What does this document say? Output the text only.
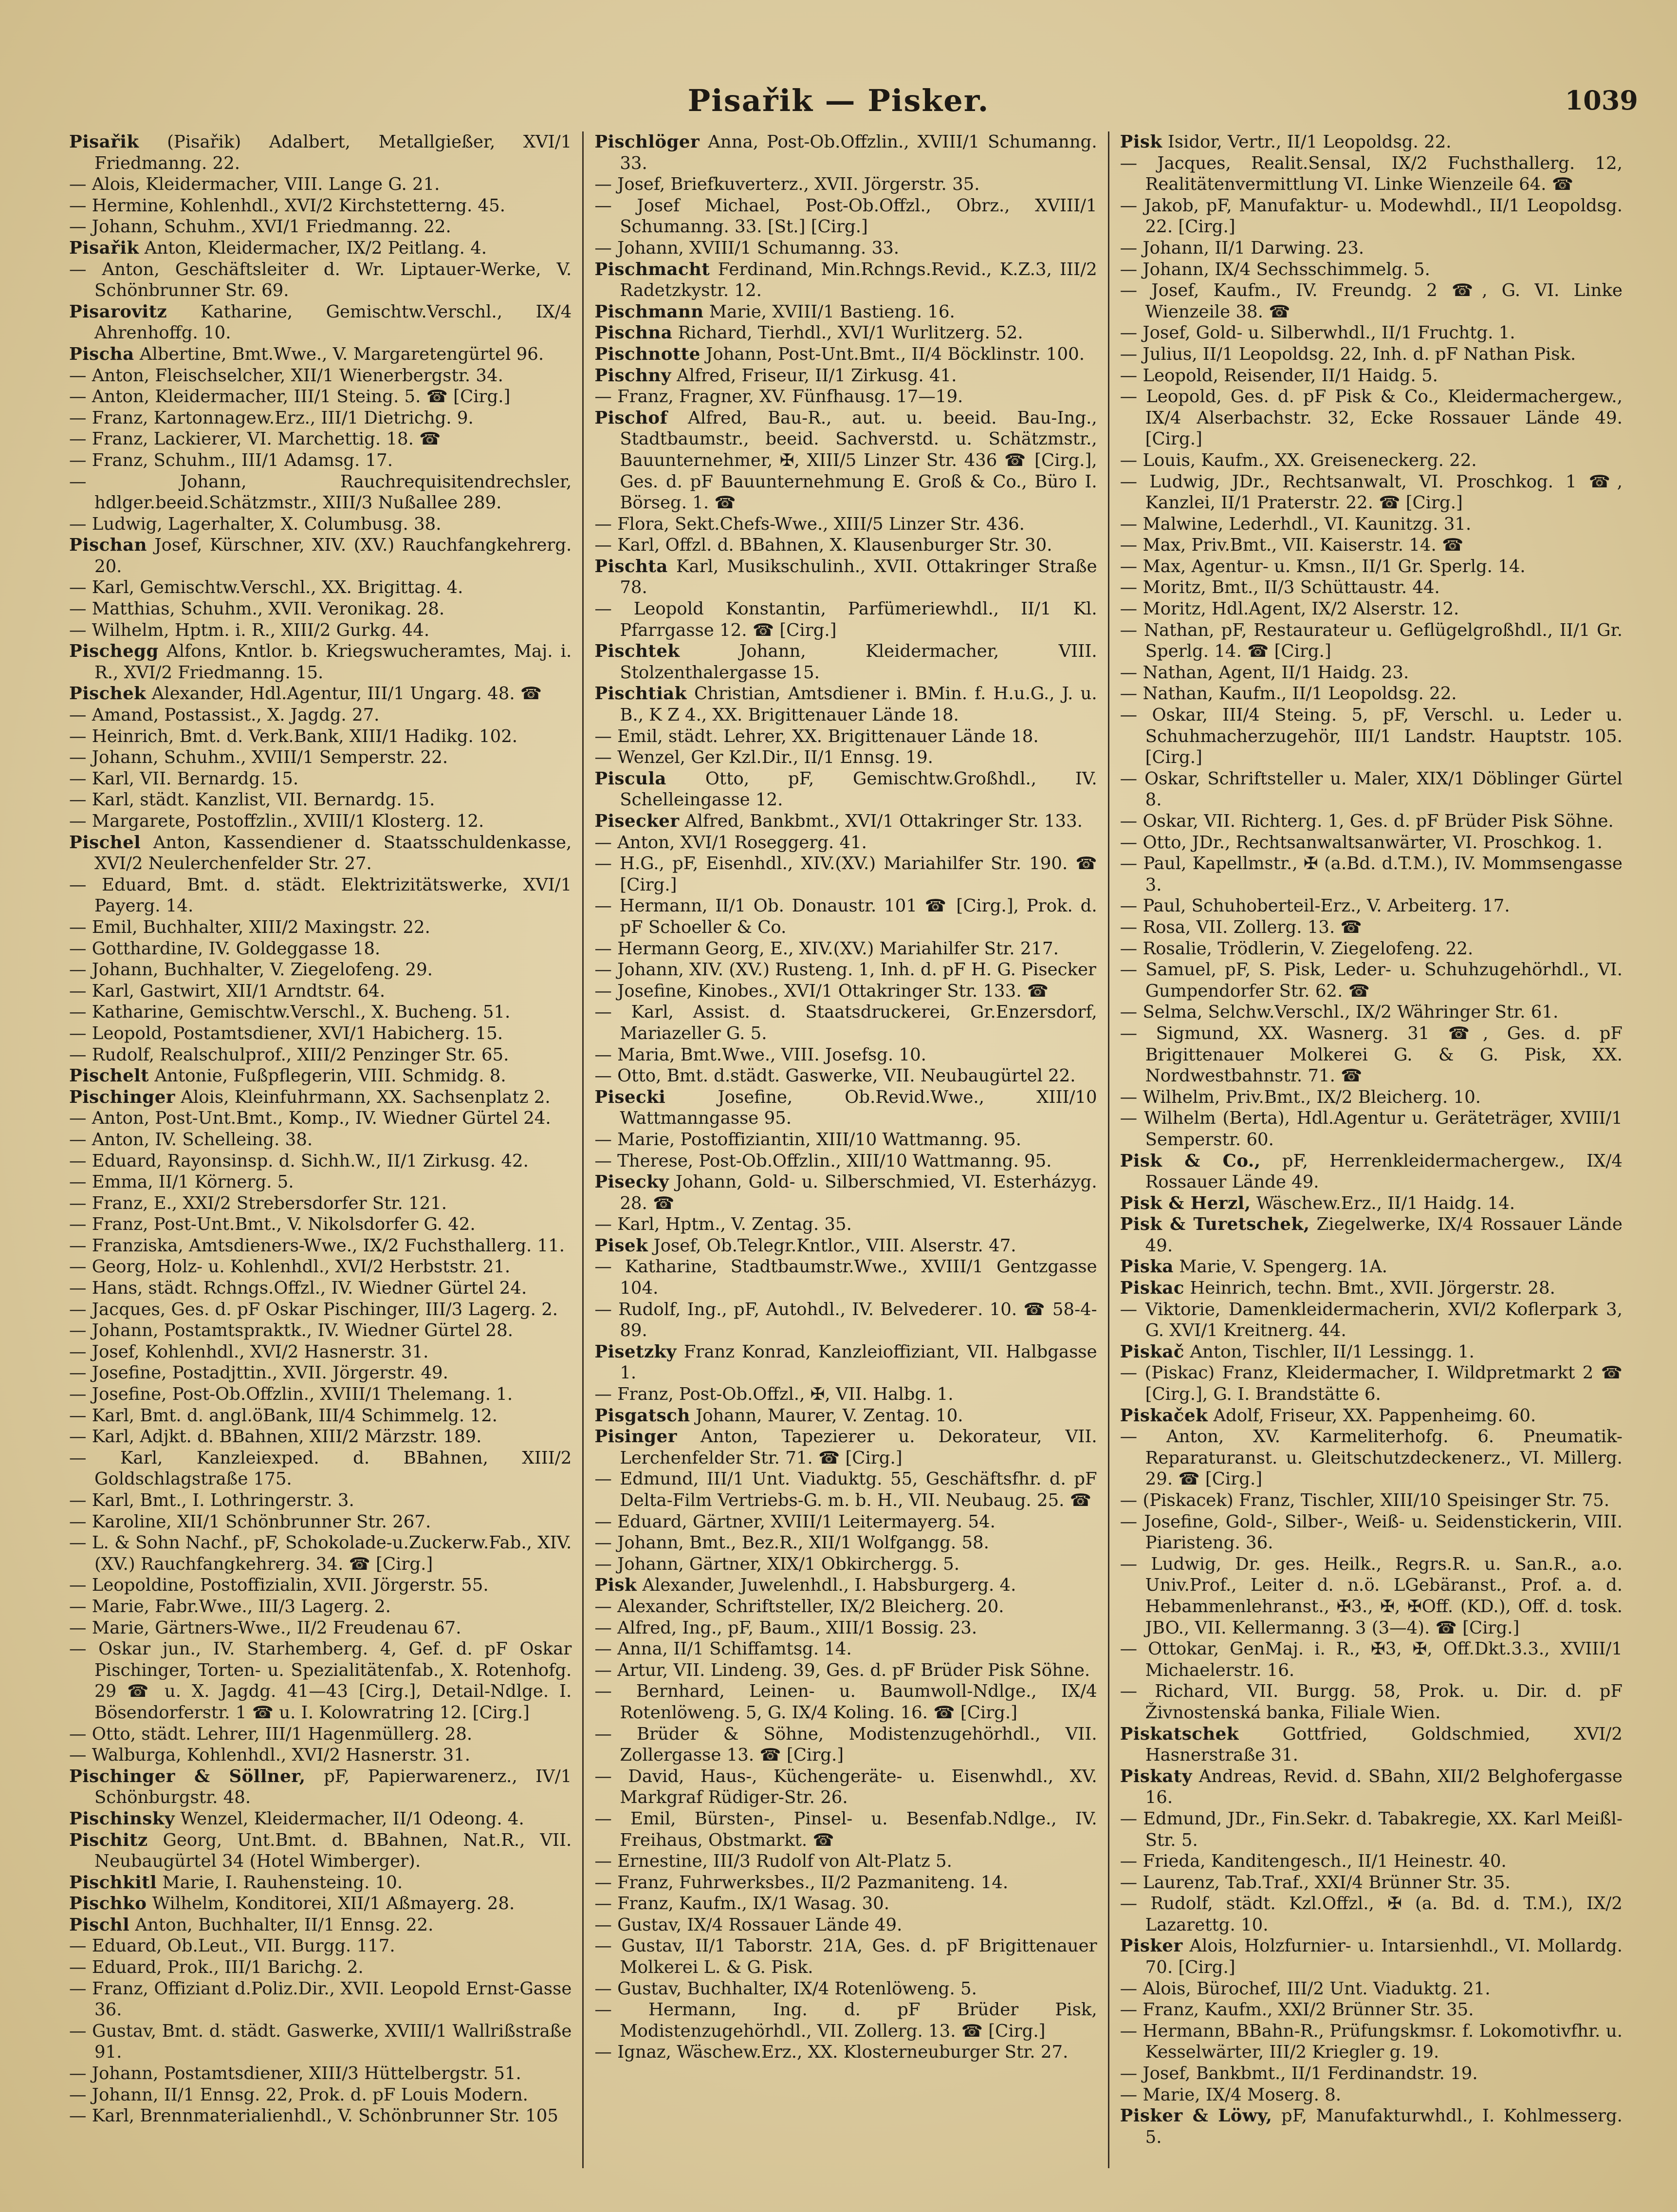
Pisařik — Pisker.	1039

Pisařik (Pisařik) Adalbert, Metallgießer, XVI/1 Friedmanng. 22.

— Alois, Kleidermacher, VIII. Lange G. 21.

— Hermine, Kohlenhdl., XVI/2 Kirchstetterng. 45.

— Johann, Schuhm., XVI/1 Friedmanng. 22.

Pisařik Anton, Kleidermacher, IX/2 Peitlang. 4.

— Anton, Geschäftsleiter d. Wr. Liptauer-Werke, V. Schönbrunner Str. 69.

Pisarovitz Katharine, Gemischtw.Verschl., IX/4 Ahrenhoffg. 10.

Pischa Albertine, Bmt.Wwe., V. Margaretengürtel 96.

— Anton, Fleischselcher, XII/1 Wienerbergstr. 34.

— Anton, Kleidermacher, III/1 Steing. 5. ☎ [Cirg.]

— Franz, Kartonnagew.Erz., III/1 Dietrichg. 9.

— Franz, Lackierer, VI. Marchettig. 18. ☎

— Franz, Schuhm., III/1 Adamsg. 17.

— Johann, Rauchrequisitendrechsler, hdlger.beeid.Schätzmstr., XIII/3 Nußallee 289.

— Ludwig, Lagerhalter, X. Columbusg. 38.

Pischan Josef, Kürschner, XIV. (XV.) Rauchfangkehrerg. 20.

— Karl, Gemischtw.Verschl., XX. Brigittag. 4.

— Matthias, Schuhm., XVII. Veronikag. 28.

— Wilhelm, Hptm. i. R., XIII/2 Gurkg. 44.

Pischegg Alfons, Kntlor. b. Kriegswucheramtes, Maj. i. R., XVI/2 Friedmanng. 15.

Pischek Alexander, Hdl.Agentur, III/1 Ungarg. 48. ☎

— Amand, Postassist., X. Jagdg. 27.

— Heinrich, Bmt. d. Verk.Bank, XIII/1 Hadikg. 102.

— Johann, Schuhm., XVIII/1 Semperstr. 22.

— Karl, VII. Bernardg. 15.

— Karl, städt. Kanzlist, VII. Bernardg. 15.

— Margarete, Postoffzlin., XVIII/1 Klosterg. 12.

Pischel Anton, Kassendiener d. Staatsschuldenkasse, XVI/2 Neulerchenfelder Str. 27.

— Eduard, Bmt. d. städt. Elektrizitätswerke, XVI/1 Payerg. 14.

— Emil, Buchhalter, XIII/2 Maxingstr. 22.

— Gotthardine, IV. Goldeggasse 18.

— Johann, Buchhalter, V. Ziegelofeng. 29.

— Karl, Gastwirt, XII/1 Arndtstr. 64.

— Katharine, Gemischtw.Verschl., X. Bucheng. 51.

— Leopold, Postamtsdiener, XVI/1 Habicherg. 15.

— Rudolf, Realschulprof., XIII/2 Penzinger Str. 65.

Pischelt Antonie, Fußpflegerin, VIII. Schmidg. 8.

Pischinger Alois, Kleinfuhrmann, XX. Sachsenplatz 2.

— Anton, Post-Unt.Bmt., Komp., IV. Wiedner Gürtel 24.

— Anton, IV. Schelleing. 38.

— Eduard, Rayonsinsp. d. Sichh.W., II/1 Zirkusg. 42.

— Emma, II/1 Körnerg. 5.

— Franz, E., XXI/2 Strebersdorfer Str. 121.

— Franz, Post-Unt.Bmt., V. Nikolsdorfer G. 42.

— Franziska, Amtsdieners-Wwe., IX/2 Fuchsthallerg. 11.

— Georg, Holz- u. Kohlenhdl., XVI/2 Herbststr. 21.

— Hans, städt. Rchngs.Offzl., IV. Wiedner Gürtel 24.

— Jacques, Ges. d. pF Oskar Pischinger, III/3 Lagerg. 2.

— Johann, Postamtspraktk., IV. Wiedner Gürtel 28.

— Josef, Kohlenhdl., XVI/2 Hasnerstr. 31.

— Josefine, Postadjttin., XVII. Jörgerstr. 49.

— Josefine, Post-Ob.Offzlin., XVIII/1 Thelemang. 1.

— Karl, Bmt. d. angl.öBank, III/4 Schimmelg. 12.

— Karl, Adjkt. d. BBahnen, XIII/2 Märzstr. 189.

— Karl, Kanzleiexped. d. BBahnen, XIII/2 Goldschlagstraße 175.

— Karl, Bmt., I. Lothringerstr. 3.

— Karoline, XII/1 Schönbrunner Str. 267.

— L. & Sohn Nachf., pF, Schokolade-u.Zuckerw.Fab., XIV. (XV.) Rauchfangkehrerg. 34. ☎ [Cirg.]

— Leopoldine, Postoffizialin, XVII. Jörgerstr. 55.

— Marie, Fabr.Wwe., III/3 Lagerg. 2.

— Marie, Gärtners-Wwe., II/2 Freudenau 67.

— Oskar jun., IV. Starhemberg. 4, Gef. d. pF Oskar Pischinger, Torten- u. Spezialitätenfab., X. Rotenhofg. 29 ☎ u. X. Jagdg. 41—43 [Cirg.], Detail-Ndlge. I. Bösendorferstr. 1 ☎ u. I. Kolowratring 12. [Cirg.]

— Otto, städt. Lehrer, III/1 Hagenmüllerg. 28.

— Walburga, Kohlenhdl., XVI/2 Hasnerstr. 31.

Pischinger & Söllner, pF, Papierwarenerz., IV/1 Schönburgstr. 48.

Pischinsky Wenzel, Kleidermacher, II/1 Odeong. 4.

Pischitz Georg, Unt.Bmt. d. BBahnen, Nat.R., VII. Neubaugürtel 34 (Hotel Wimberger).

Pischkitl Marie, I. Rauhensteing. 10.

Pischko Wilhelm, Konditorei, XII/1 Aßmayerg. 28.

Pischl Anton, Buchhalter, II/1 Ennsg. 22.

— Eduard, Ob.Leut., VII. Burgg. 117.

— Eduard, Prok., III/1 Barichg. 2.

— Franz, Offiziant d.Poliz.Dir., XVII. Leopold Ernst-Gasse 36.

— Gustav, Bmt. d. städt. Gaswerke, XVIII/1 Wallrißstraße 91.

— Johann, Postamtsdiener, XIII/3 Hüttelbergstr. 51.

— Johann, II/1 Ennsg. 22, Prok. d. pF Louis Modern.

— Karl, Brennmaterialienhdl., V. Schönbrunner Str. 105

Pischlöger Anna, Post-Ob.Offzlin., XVIII/1 Schumanng. 33.

— Josef, Briefkuverterz., XVII. Jörgerstr. 35.

— Josef Michael, Post-Ob.Offzl., Obrz., XVIII/1 Schumanng. 33. [St.] [Cirg.]

— Johann, XVIII/1 Schumanng. 33.

Pischmacht Ferdinand, Min.Rchngs.Revid., K.Z.3, III/2 Radetzkystr. 12.

Pischmann Marie, XVIII/1 Bastieng. 16.

Pischna Richard, Tierhdl., XVI/1 Wurlitzerg. 52.

Pischnotte Johann, Post-Unt.Bmt., II/4 Böcklinstr. 100.

Pischny Alfred, Friseur, II/1 Zirkusg. 41.

— Franz, Fragner, XV. Fünfhausg. 17—19.

Pischof Alfred, Bau-R., aut. u. beeid. Bau-Ing., Stadtbaumstr., beeid. Sachverstd. u. Schätzmstr., Bauunternehmer, ✠, XIII/5 Linzer Str. 436 ☎ [Cirg.], Ges. d. pF Bauunternehmung E. Groß & Co., Büro I. Börseg. 1. ☎

— Flora, Sekt.Chefs-Wwe., XIII/5 Linzer Str. 436.

— Karl, Offzl. d. BBahnen, X. Klausenburger Str. 30.

Pischta Karl, Musikschulinh., XVII. Ottakringer Straße 78.

— Leopold Konstantin, Parfümeriewhdl., II/1 Kl. Pfarrgasse 12. ☎ [Cirg.]

Pischtek	Johann, Kleidermacher, VIII. Stolzenthalergasse 15.

Pischtiak Christian, Amtsdiener i. BMin. f. H.u.G., J. u. B., K Z 4., XX. Brigittenauer Lände 18.

— Emil, städt. Lehrer, XX. Brigittenauer Lände 18.

— Wenzel, Ger Kzl.Dir., II/1 Ennsg. 19.

Piscula Otto, pF, Gemischtw.Großhdl., IV. Schelleingasse 12.

Pisecker Alfred, Bankbmt., XVI/1 Ottakringer Str. 133.

— Anton, XVI/1 Roseggerg. 41.

— H.G., pF, Eisenhdl., XIV.(XV.) Mariahilfer Str. 190. ☎ [Cirg.]

— Hermann, II/1 Ob. Donaustr. 101 ☎ [Cirg.], Prok. d. pF Schoeller & Co.

— Hermann Georg, E., XIV.(XV.) Mariahilfer Str. 217.

— Johann, XIV. (XV.) Rusteng. 1, Inh. d. pF H. G. Pisecker

— Josefine, Kinobes., XVI/1 Ottakringer Str. 133. ☎

— Karl, Assist. d. Staatsdruckerei, Gr.Enzersdorf, Mariazeller G. 5.

— Maria, Bmt.Wwe., VIII. Josefsg. 10.

— Otto, Bmt. d.städt. Gaswerke, VII. Neubaugürtel 22.

Pisecki	Josefine, Ob.Revid.Wwe., XIII/10 Wattmanngasse 95.

— Marie, Postoffiziantin, XIII/10 Wattmanng. 95.

— Therese, Post-Ob.Offzlin., XIII/10 Wattmanng. 95.

Pisecky Johann, Gold- u. Silberschmied, VI. Esterházyg. 28. ☎

— Karl, Hptm., V. Zentag. 35.

Pisek Josef, Ob.Telegr.Kntlor., VIII. Alserstr. 47.

— Katharine, Stadtbaumstr.Wwe., XVIII/1 Gentzgasse 104.

— Rudolf, Ing., pF, Autohdl., IV. Belvederег. 10. ☎ 58-4-89.

Pisetzky Franz Konrad, Kanzleioffiziant, VII. Halbgasse 1.

— Franz, Post-Ob.Offzl., ✠, VII. Halbg. 1.

Pisgatsch Johann, Maurer, V. Zentag. 10.

Pisinger Anton, Tapezierer u. Dekorateur, VII. Lerchenfelder Str. 71. ☎ [Cirg.]

— Edmund, III/1 Unt. Viaduktg. 55, Geschäftsfhr. d. pF Delta-Film Vertriebs-G. m. b. H., VII. Neubaug. 25. ☎

— Eduard, Gärtner, XVIII/1 Leitermayerg. 54.

— Johann, Bmt., Bez.R., XII/1 Wolfgangg. 58.

— Johann, Gärtner, XIX/1 Obkirchergg. 5.

Pisk Alexander, Juwelenhdl., I. Habsburgerg. 4.

— Alexander, Schriftsteller, IX/2 Bleicherg. 20.

— Alfred, Ing., pF, Baum., XIII/1 Bossig. 23.

— Anna, II/1 Schiffamtsg. 14.

— Artur, VII. Lindeng. 39, Ges. d. pF Brüder Pisk Söhne.

— Bernhard, Leinen- u. Baumwoll-Ndlge., IX/4 Rotenlöweng. 5, G. IX/4 Koling. 16. ☎ [Cirg.]

— Brüder & Söhne, Modistenzugehörhdl., VII. Zollergasse 13. ☎ [Cirg.]

— David, Haus-, Küchengeräte- u. Eisenwhdl., XV. Markgraf Rüdiger-Str. 26.

— Emil, Bürsten-, Pinsel- u. Besenfab.Ndlge., IV. Freihaus, Obstmarkt. ☎

— Ernestine, III/3 Rudolf von Alt-Platz 5.

— Franz, Fuhrwerksbes., II/2 Pazmaniteng. 14.

— Franz, Kaufm., IX/1 Wasag. 30.

— Gustav, IX/4 Rossauer Lände 49.

— Gustav, II/1 Taborstr. 21A, Ges. d. pF Brigittenauer Molkerei L. & G. Pisk.

— Gustav, Buchhalter, IX/4 Rotenlöweng. 5.

— Hermann, Ing. d. pF Brüder Pisk, Modistenzugehörhdl., VII. Zollerg. 13. ☎ [Cirg.]

— Ignaz, Wäschew.Erz., XX. Klosterneuburger Str. 27.

Pisk Isidor, Vertr., II/1 Leopoldsg. 22.

— Jacques, Realit.Sensal, IX/2 Fuchsthallerg. 12, Realitätenvermittlung VI. Linke Wienzeile 64. ☎

— Jakob, pF, Manufaktur- u. Modewhdl., II/1 Leopoldsg. 22. [Cirg.]

— Johann, II/1 Darwing. 23.

— Johann, IX/4 Sechsschimmelg. 5.

— Josef, Kaufm., IV. Freundg. 2 ☎, G. VI. Linke Wienzeile 38. ☎

— Josef, Gold- u. Silberwhdl., II/1 Fruchtg. 1.

— Julius, II/1 Leopoldsg. 22, Inh. d. pF Nathan Pisk.

— Leopold, Reisender, II/1 Haidg. 5.

— Leopold, Ges. d. pF Pisk & Co., Kleidermachergew., IX/4 Alserbachstr. 32, Ecke Rossauer Lände 49. [Cirg.]

— Louis, Kaufm., XX. Greiseneckerg. 22.

— Ludwig, JDr., Rechtsanwalt, VI. Proschkog. 1 ☎, Kanzlei, II/1 Praterstr. 22. ☎ [Cirg.]

— Malwine, Lederhdl., VI. Kaunitzg. 31.

— Max, Priv.Bmt., VII. Kaiserstr. 14. ☎

— Max, Agentur- u. Kmsn., II/1 Gr. Sperlg. 14.

— Moritz, Bmt., II/3 Schüttaustr. 44.

— Moritz, Hdl.Agent, IX/2 Alserstr. 12.

— Nathan, pF, Restaurateur u. Geflügelgroßhdl., II/1 Gr. Sperlg. 14. ☎ [Cirg.]

— Nathan, Agent, II/1 Haidg. 23.

— Nathan, Kaufm., II/1 Leopoldsg. 22.

— Oskar, III/4 Steing. 5, pF, Verschl. u. Leder u. Schuhmacherzugehör, III/1 Landstr. Hauptstr. 105. [Cirg.]

— Oskar, Schriftsteller u. Maler, XIX/1 Döblinger Gürtel 8.

— Oskar, VII. Richterg. 1, Ges. d. pF Brüder Pisk Söhne.

— Otto, JDr., Rechtsanwaltsanwärter, VI. Proschkog. 1.

— Paul, Kapellmstr., ✠ (a.Bd. d.T.M.), IV. Mommsengasse 3.

— Paul, Schuhoberteil-Erz., V. Arbeiterg. 17.

— Rosa, VII. Zollerg. 13. ☎

— Rosalie, Trödlerin, V. Ziegelofeng. 22.

— Samuel, pF, S. Pisk, Leder- u. Schuhzugehörhdl., VI. Gumpendorfer Str. 62. ☎

— Selma, Selchw.Verschl., IX/2 Währinger Str. 61.

— Sigmund, XX. Wasnerg. 31 ☎, Ges. d. pF Brigittenauer Molkerei G. & G. Pisk, XX. Nordwestbahnstr. 71. ☎

— Wilhelm, Priv.Bmt., IX/2 Bleicherg. 10.

— Wilhelm (Berta), Hdl.Agentur u. Geräteträger, XVIII/1 Semperstr. 60.

Pisk & Co., pF, Herrenkleidermachergew., IX/4 Rossauer Lände 49.

Pisk & Herzl, Wäschew.Erz., II/1 Haidg. 14.

Pisk & Turetschek, Ziegelwerke, IX/4 Rossauer Lände 49.

Piska Marie, V. Spengerg. 1A.

Piskac Heinrich, techn. Bmt., XVII. Jörgerstr. 28.

— Viktorie, Damenkleidermacherin, XVI/2 Koflerpark 3, G. XVI/1 Kreitnerg. 44.

Piskač Anton, Tischler, II/1 Lessingg. 1.

— (Piskac) Franz, Kleidermacher, I. Wildpretmarkt 2 ☎ [Cirg.], G. I. Brandstätte 6.

Piskaček Adolf, Friseur, XX. Pappenheimg. 60.

— Anton, XV. Karmeliterhofg. 6. Pneumatik-Reparaturanst. u. Gleitschutzdeckenerz., VI. Millerg. 29. ☎ [Cirg.]

— (Piskacek) Franz, Tischler, XIII/10 Speisinger Str. 75.

— Josefine, Gold-, Silber-, Weiß- u. Seidenstickerin, VIII. Piaristeng. 36.

— Ludwig, Dr. ges. Heilk., Regrs.R. u. San.R., a.o. Univ.Prof., Leiter d. n.ö. LGebäranst., Prof. a. d. Hebammenlehranst., ✠3., ✠, ✠Off. (KD.), Off. d. tosk. JBO., VII. Kellermanng. 3 (3—4). ☎ [Cirg.]

— Ottokar, GenMaj. i. R., ✠3, ✠, Off.Dkt.3.3., XVIII/1 Michaelerstr. 16.

— Richard, VII. Burgg. 58, Prok. u. Dir. d. pF Živnostenská banka, Filiale Wien.

Piskatschek	Gottfried, Goldschmied, XVI/2 Hasnerstraße 31.

Piskaty Andreas, Revid. d. SBahn, XII/2 Belghofergasse 16.

— Edmund, JDr., Fin.Sekr. d. Tabakregie, XX. Karl Meißl-Str. 5.

— Frieda, Kanditengesch., II/1 Heinestr. 40.

— Laurenz, Tab.Traf., XXI/4 Brünner Str. 35.

— Rudolf, städt. Kzl.Offzl., ✠ (a. Bd. d. T.M.), IX/2 Lazarettg. 10.

Pisker Alois, Holzfurnier- u. Intarsienhdl., VI. Mollardg. 70. [Cirg.]

— Alois, Bürochef, III/2 Unt. Viaduktg. 21.

— Franz, Kaufm., XXI/2 Brünner Str. 35.

— Hermann, BBahn-R., Prüfungskmsr. f. Lokomotivfhr. u. Kesselwärter, III/2 Kriegler g. 19.

— Josef, Bankbmt., II/1 Ferdinandstr. 19.

— Marie, IX/4 Moserg. 8.

Pisker & Löwy, pF, Manufakturwhdl., I. Kohlmesserg. 5.
